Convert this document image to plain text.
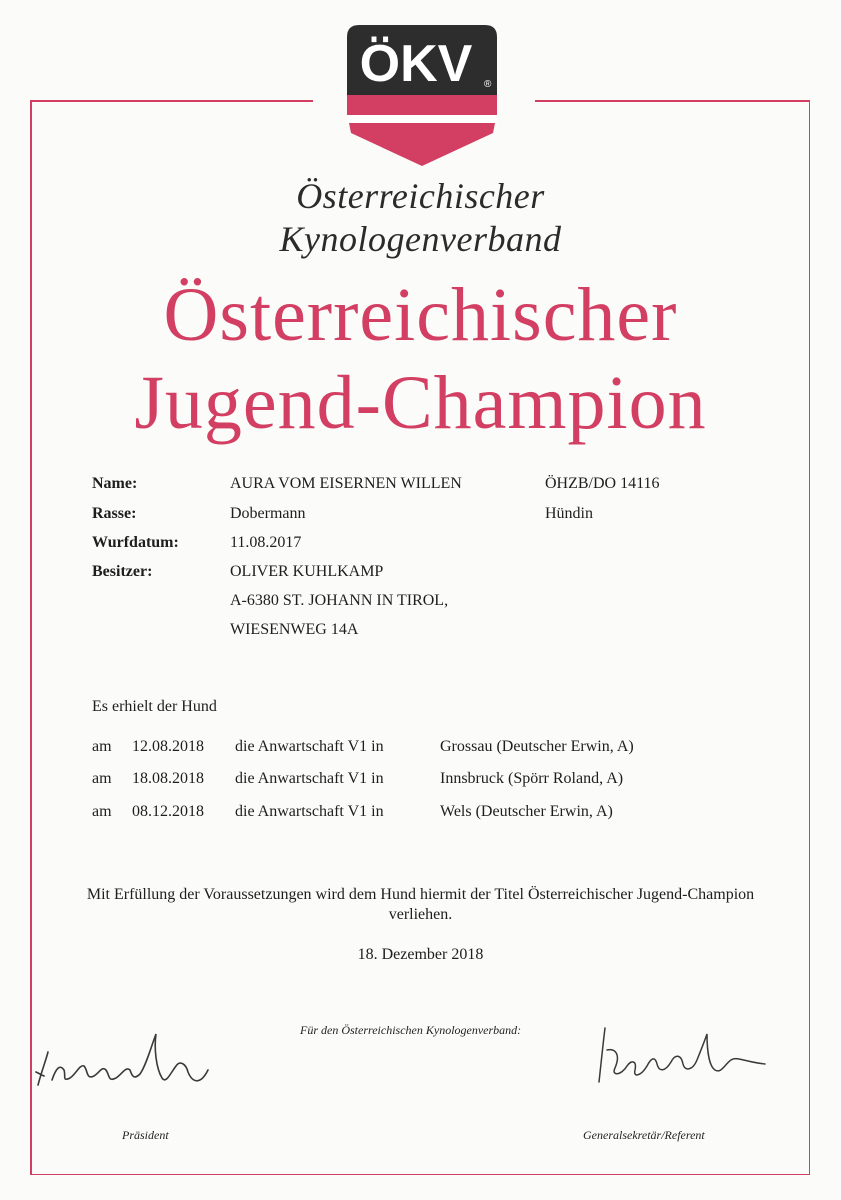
ÖKV ®
Österreichischer
Kynologenverband
Österreichischer
Jugend-Champion
Name:	AURA VOM EISERNEN WILLEN	ÖHZB/DO 14116
Rasse:	Dobermann	Hündin
Wurfdatum:	11.08.2017
Besitzer:	OLIVER KUHLKAMP
A-6380 ST. JOHANN IN TIROL,
WIESENWEG 14A
Es erhielt der Hund
am 12.08.2018 die Anwartschaft V1 in	Grossau (Deutscher Erwin, A)
am 18.08.2018 die Anwartschaft V1 in	Innsbruck (Spörr Roland, A)
am 08.12.2018 die Anwartschaft V1 in	Wels (Deutscher Erwin, A)
Mit Erfüllung der Voraussetzungen wird dem Hund hiermit der Titel Österreichischer Jugend-Champion
verliehen.
18. Dezember 2018
Für den Österreichischen Kynologenverband:
Präsident	Generalsekretär/Referent
